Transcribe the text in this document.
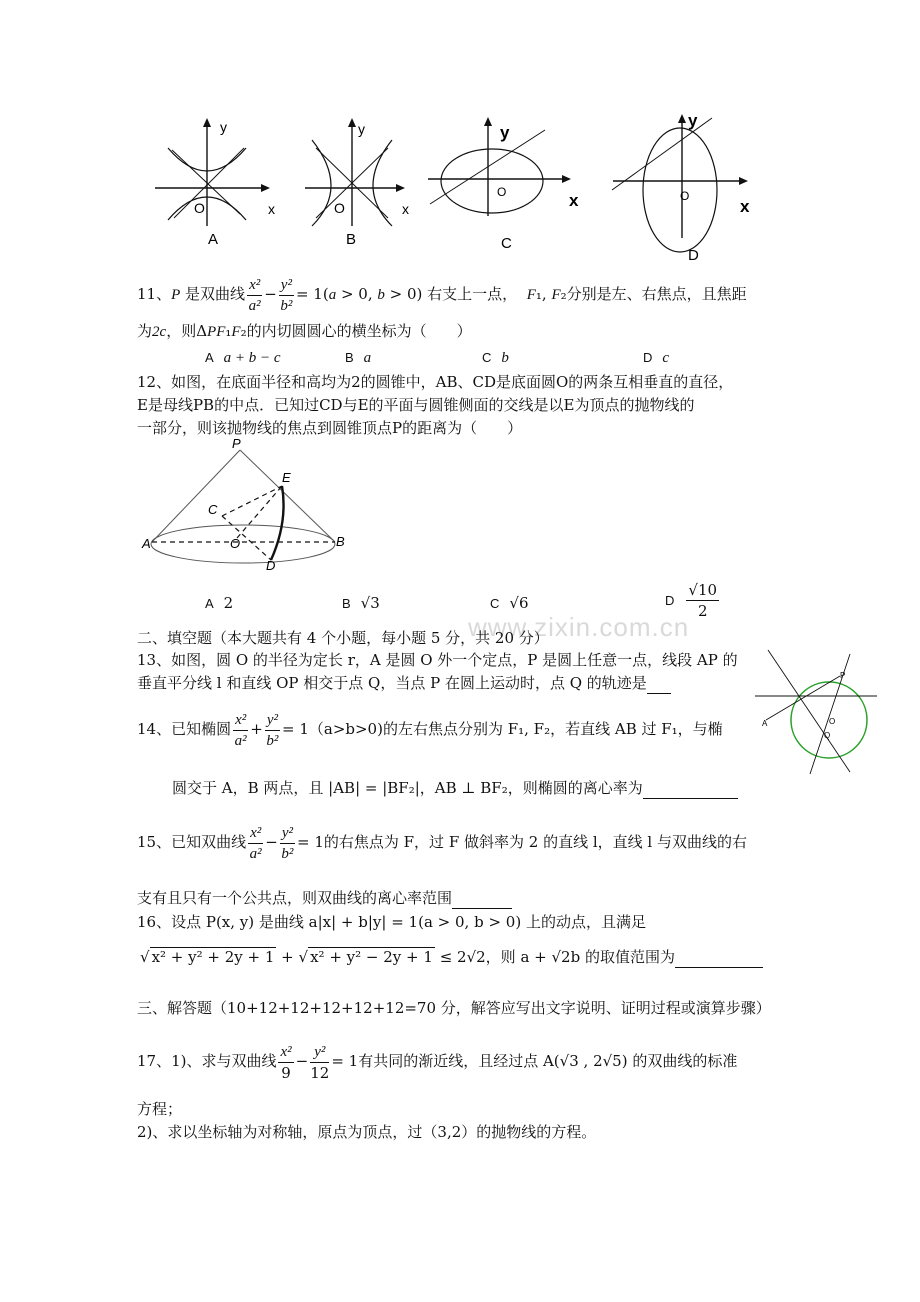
y
O	x
A
y
O	x
B
y
O	x
C
y
O
x
D
11、P 是双曲线 $\frac{\text{x²}}{\text{a²}} - \frac{\text{y²}}{\text{b²}} = 1(a > 0$, b > 0) 右支上一点， F₁, F₂分别是左、右焦点，且焦距
为2c，则ΔPF₁F₂的内切圆圆心的横坐标为（　　）
A a + b − c	B a	C b	D c
12、如图，在底面半径和高均为2的圆锥中，AB、CD是底面圆O的两条互相垂直的直径，
E是母线PB的中点．已知过CD与E的平面与圆锥侧面的交线是以E为顶点的抛物线的
一部分，则该抛物线的焦点到圆锥顶点P的距离为（　　）
P
E
C
O
A	B
D
A 2	B √3	C √6	D $\frac{√10}{2}$
www.zixin.com.cn
二、填空题（本大题共有 4 个小题，每小题 5 分，共 20 分）
13、如图，圆 O 的半径为定长 r，A 是圆 O 外一个定点，P 是圆上任意一点，线段 AP 的
垂直平分线 l 和直线 OP 相交于点 Q，当点 P 在圆上运动时，点 Q 的轨迹是
A
P
O
Q
14、已知椭圆 $\frac{\text{x²}}{\text{a²}} + \frac{\text{y²}}{\text{b²}} = 1(a>b>0)$的左右焦点分别为 F₁, F₂，若直线 AB 过 F₁，与椭
圆交于 A，B 两点，且 |AB| = |BF₂|，AB ⊥ BF₂，则椭圆的离心率为
15、已知双曲线 $\frac{\text{x²}}{\text{a²}} - \frac{\text{y²}}{\text{b²}} = 1$的右焦点为 F，过 F 做斜率为 2 的直线 l，直线 l 与双曲线的右
支有且只有一个公共点，则双曲线的离心率范围
16、设点 P(x, y) 是曲线 a|x| + b|y| = 1(a > 0, b > 0) 上的动点，且满足
√ x² + y² + 2y + 1 + √ x² + y² − 2y + 1 ≤ 2√2，则 a + √2b 的取值范围为
三、解答题（10+12+12+12+12+12=70 分，解答应写出文字说明、证明过程或演算步骤）
17、1)、求与双曲线 $\frac{\text{x²}}{9} - \frac{\text{y²}}{12} = 1$有共同的渐近线，且经过点 A(√3 , 2√5) 的双曲线的标准
方程；
2)、求以坐标轴为对称轴，原点为顶点，过（3,2）的抛物线的方程。
